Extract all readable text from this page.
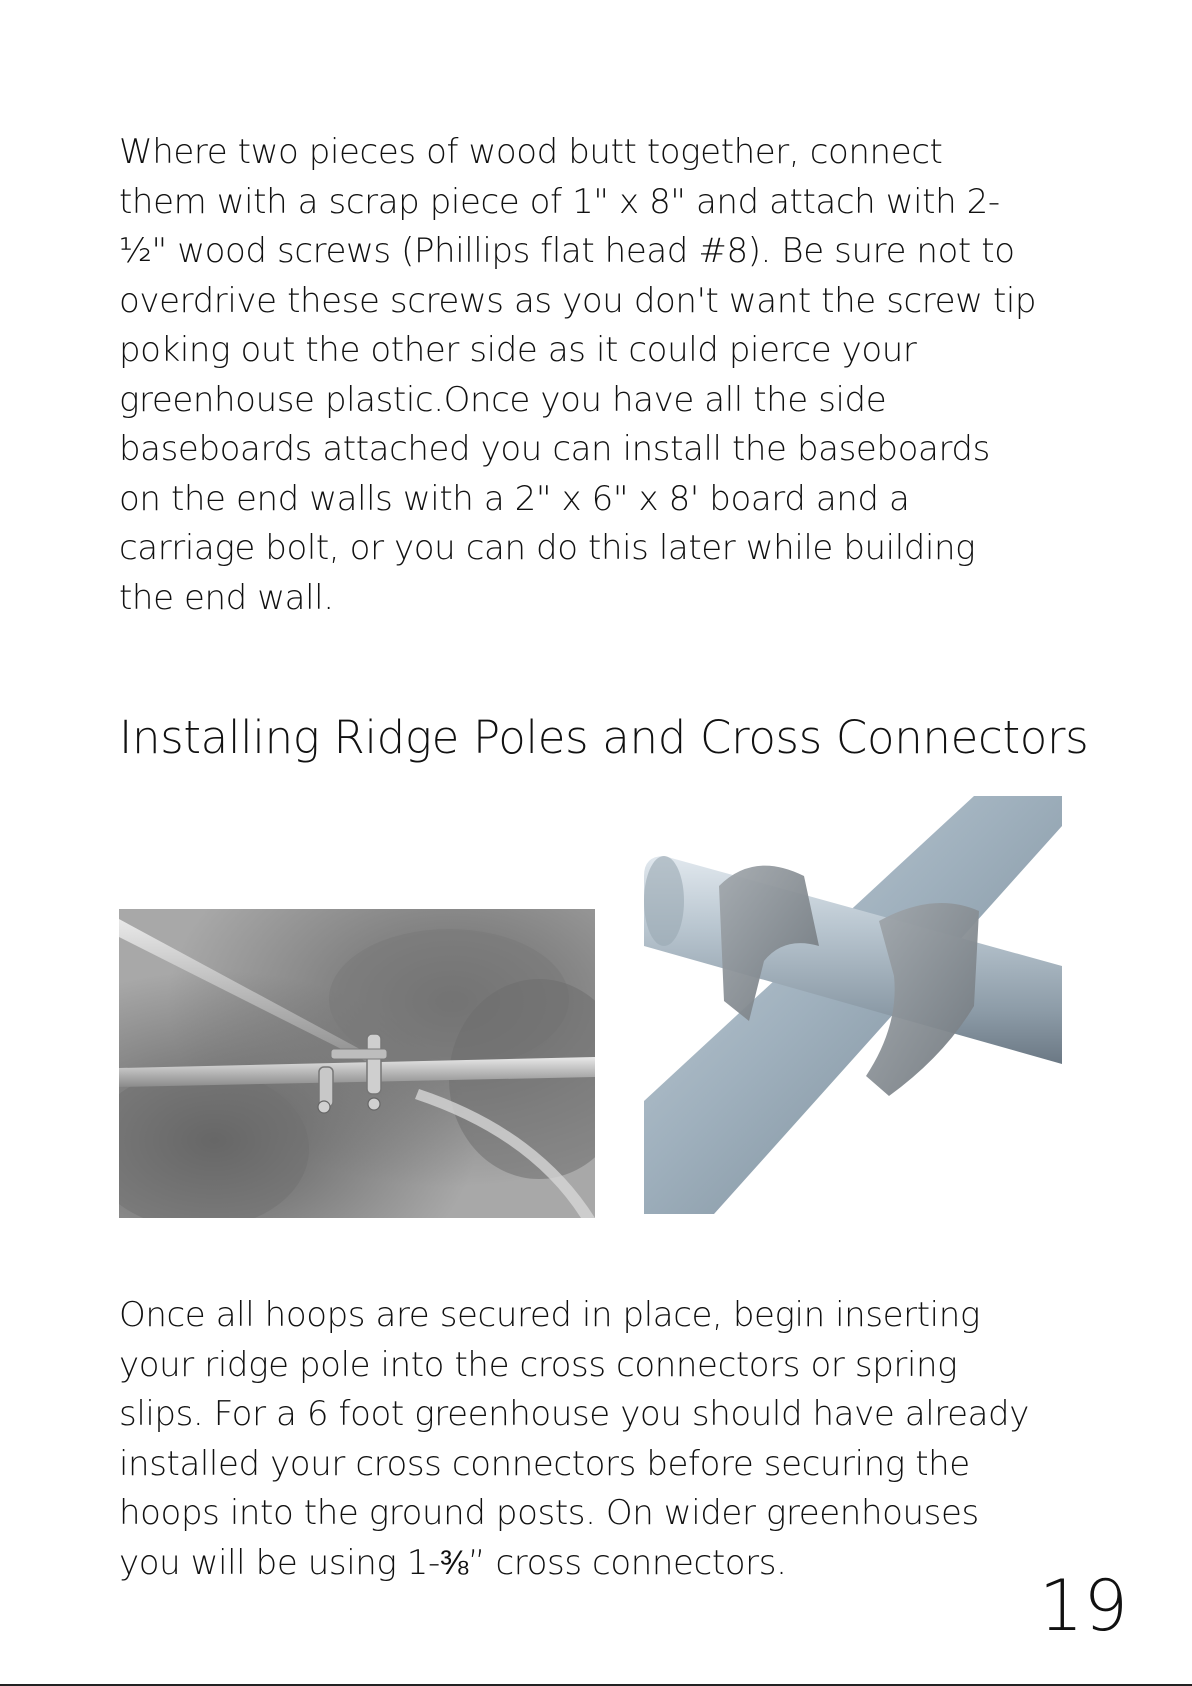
Where two pieces of wood butt together, connect
them with a scrap piece of 1" x 8" and attach with 2-
½" wood screws (Phillips flat head #8). Be sure not to
overdrive these screws as you don't want the screw tip
poking out the other side as it could pierce your
greenhouse plastic.Once you have all the side
baseboards attached you can install the baseboards
on the end walls with a 2" x 6" x 8' board and a
carriage bolt, or you can do this later while building
the end wall.
Installing Ridge Poles and Cross Connectors
Once all hoops are secured in place, begin inserting
your ridge pole into the cross connectors or spring
slips. For a 6 foot greenhouse you should have already
installed your cross connectors before securing the
hoops into the ground posts. On wider greenhouses
you will be using 1-⅜” cross connectors.
19
